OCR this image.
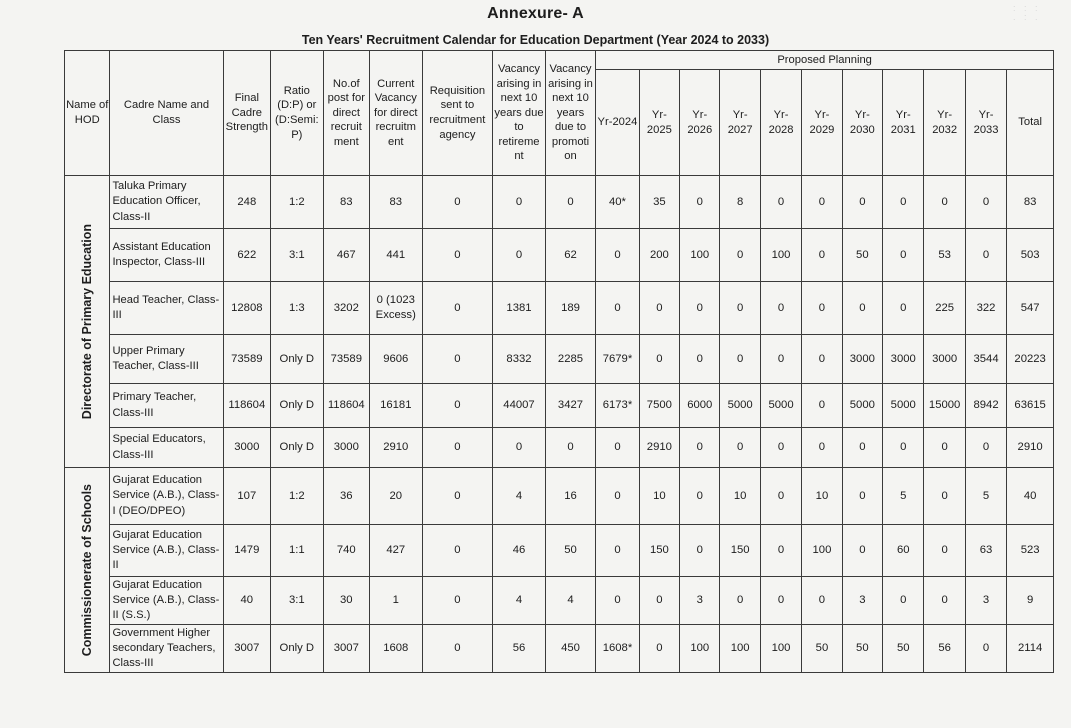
: : :
. : .
Annexure- A
Ten Years' Recruitment Calendar for Education Department (Year 2024 to 2033)
Name of HOD	Cadre Name and Class	Final Cadre Strength	Ratio (D:P) or (D:Semi: P)	No.of post for direct recruit ment	Current Vacancy for direct recruitm ent	Requisition sent to recruitment agency	Vacancy arising in next 10 years due to retireme nt	Vacancy arising in next 10 years due to promoti on	Proposed Planning										
									Yr-2024	Yr-2025	Yr-2026	Yr-2027	Yr-2028	Yr-2029	Yr-2030	Yr-2031	Yr-2032	Yr-2033	Total

Directorate of Primary Education	Taluka Primary Education Officer, Class-II	248	1:2	83	83	0	0	0	40*	35	0	8	0	0	0	0	0	0	83
	Assistant Education Inspector, Class-III	622	3:1	467	441	0	0	62	0	200	100	0	100	0	50	0	53	0	503
	Head Teacher, Class-III	12808	1:3	3202	0 (1023 Excess)	0	1381	189	0	0	0	0	0	0	0	0	225	322	547
	Upper Primary Teacher, Class-III	73589	Only D	73589	9606	0	8332	2285	7679*	0	0	0	0	0	3000	3000	3000	3544	20223
	Primary Teacher, Class-III	118604	Only D	118604	16181	0	44007	3427	6173*	7500	6000	5000	5000	0	5000	5000	15000	8942	63615
	Special Educators, Class-III	3000	Only D	3000	2910	0	0	0	0	2910	0	0	0	0	0	0	0	0	2910

Commissionerate of Schools	Gujarat Education Service (A.B.), Class-I (DEO/DPEO)	107	1:2	36	20	0	4	16	0	10	0	10	0	10	0	5	0	5	40
	Gujarat Education Service (A.B.), Class-II	1479	1:1	740	427	0	46	50	0	150	0	150	0	100	0	60	0	63	523
	Gujarat Education Service (A.B.), Class-II (S.S.)	40	3:1	30	1	0	4	4	0	0	3	0	0	0	3	0	0	3	9
	Government Higher secondary Teachers, Class-III	3007	Only D	3007	1608	0	56	450	1608*	0	100	100	100	50	50	50	56	0	2114
